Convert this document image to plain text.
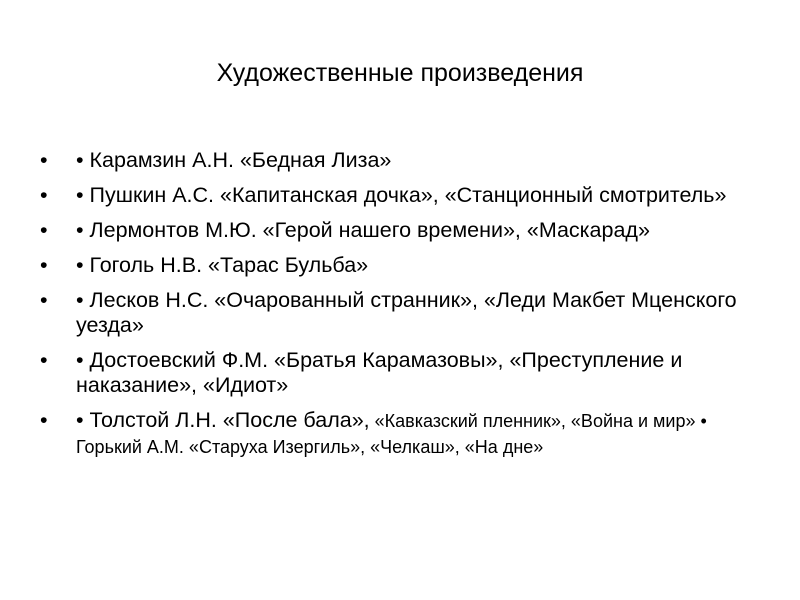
Художественные произведения
• • Карамзин А.Н. «Бедная Лиза»
• • Пушкин А.С. «Капитанская дочка», «Станционный смотритель»
• • Лермонтов М.Ю. «Герой нашего времени», «Маскарад»
• • Гоголь Н.В. «Тарас Бульба»
• • Лесков Н.С. «Очарованный странник», «Леди Макбет Мценского уезда»
• • Достоевский Ф.М. «Братья Карамазовы», «Преступление и наказание», «Идиот»
• • Толстой Л.Н. «После бала», «Кавказский пленник», «Война и мир» • Горький А.М. «Старуха Изергиль», «Челкаш», «На дне»
